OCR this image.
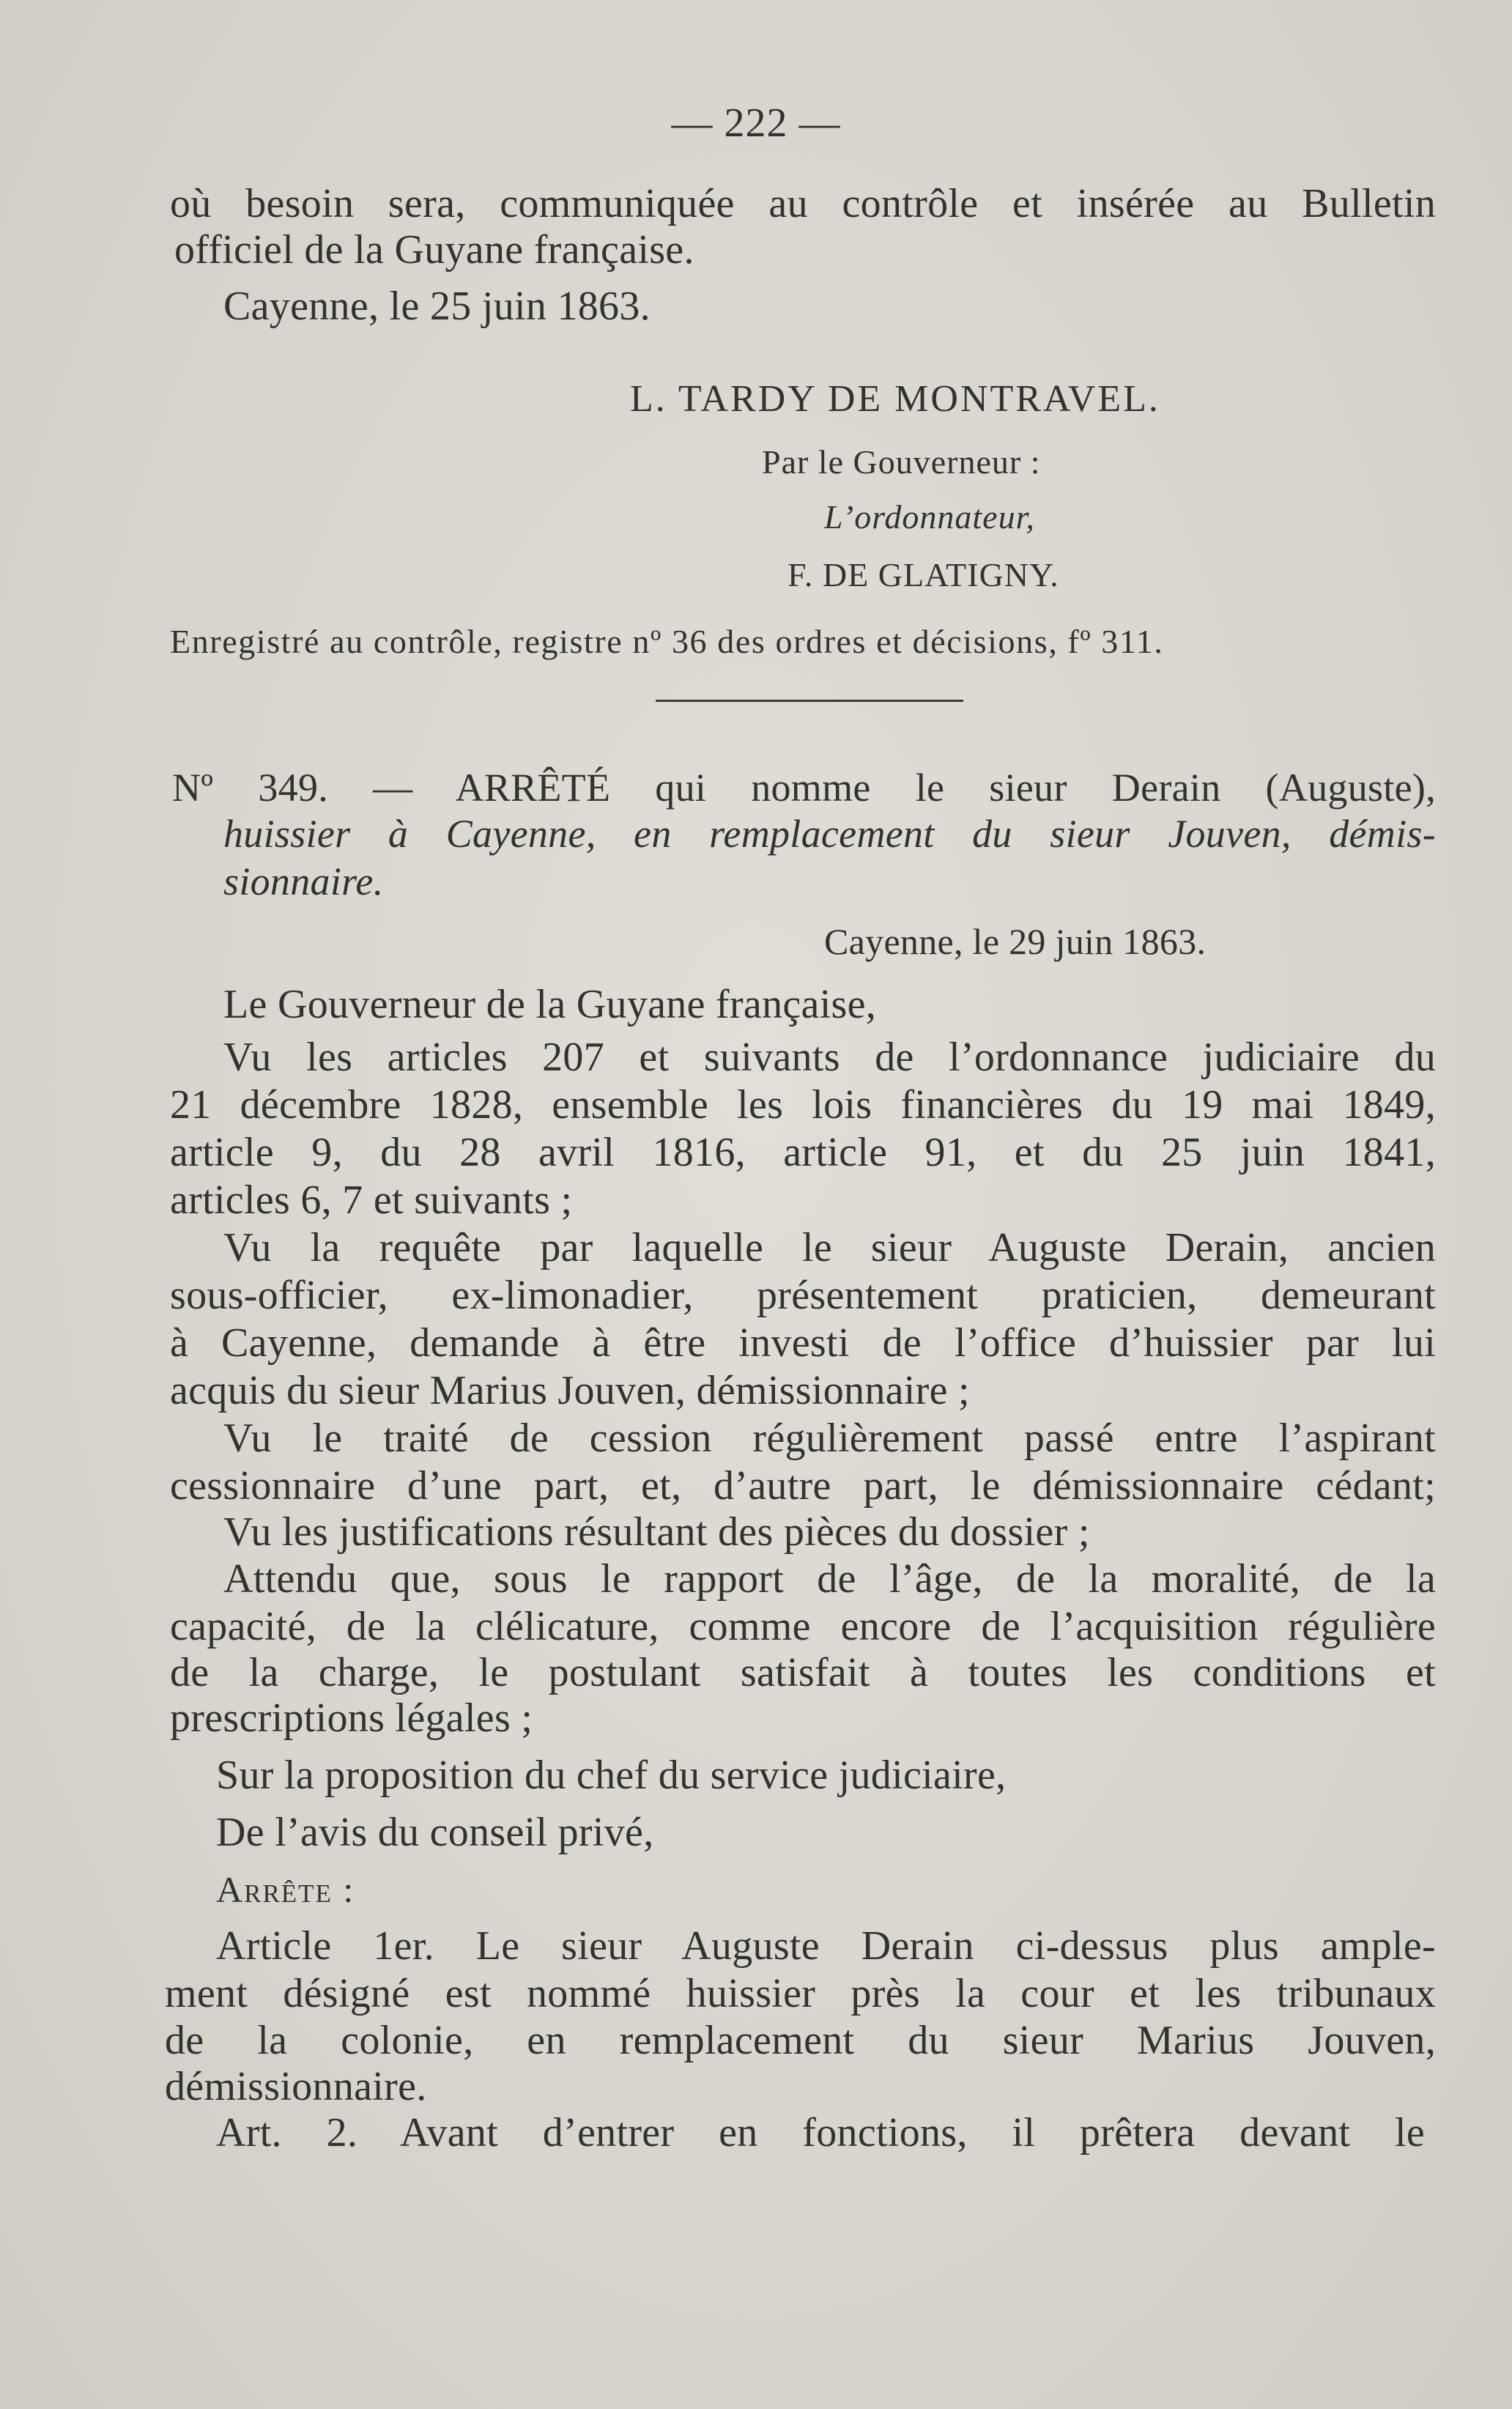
— 222 —
où besoin sera, communiquée au contrôle et insérée au Bulletin
officiel de la Guyane française.
Cayenne, le 25 juin 1863.
L. TARDY DE MONTRAVEL.
Par le Gouverneur :
L’ordonnateur,
F. DE GLATIGNY.
Enregistré au contrôle, registre nº 36 des ordres et décisions, fº 311.
Nº 349. — ARRÊTÉ qui nomme le sieur Derain (Auguste),
huissier à Cayenne, en remplacement du sieur Jouven, démis-
sionnaire.
Cayenne, le 29 juin 1863.
Le Gouverneur de la Guyane française,
Vu les articles 207 et suivants de l’ordonnance judiciaire du
21 décembre 1828, ensemble les lois financières du 19 mai 1849,
article 9, du 28 avril 1816, article 91, et du 25 juin 1841,
articles 6, 7 et suivants ;
Vu la requête par laquelle le sieur Auguste Derain, ancien
sous-officier, ex-limonadier, présentement praticien, demeurant
à Cayenne, demande à être investi de l’office d’huissier par lui
acquis du sieur Marius Jouven, démissionnaire ;
Vu le traité de cession régulièrement passé entre l’aspirant
cessionnaire d’une part, et, d’autre part, le démissionnaire cédant;
Vu les justifications résultant des pièces du dossier ;
Attendu que, sous le rapport de l’âge, de la moralité, de la
capacité, de la clélicature, comme encore de l’acquisition régulière
de la charge, le postulant satisfait à toutes les conditions et
prescriptions légales ;
Sur la proposition du chef du service judiciaire,
De l’avis du conseil privé,
Arrête :
Article 1er. Le sieur Auguste Derain ci-dessus plus ample-
ment désigné est nommé huissier près la cour et les tribunaux
de la colonie, en remplacement du sieur Marius Jouven,
démissionnaire.
Art. 2. Avant d’entrer en fonctions, il prêtera devant le
